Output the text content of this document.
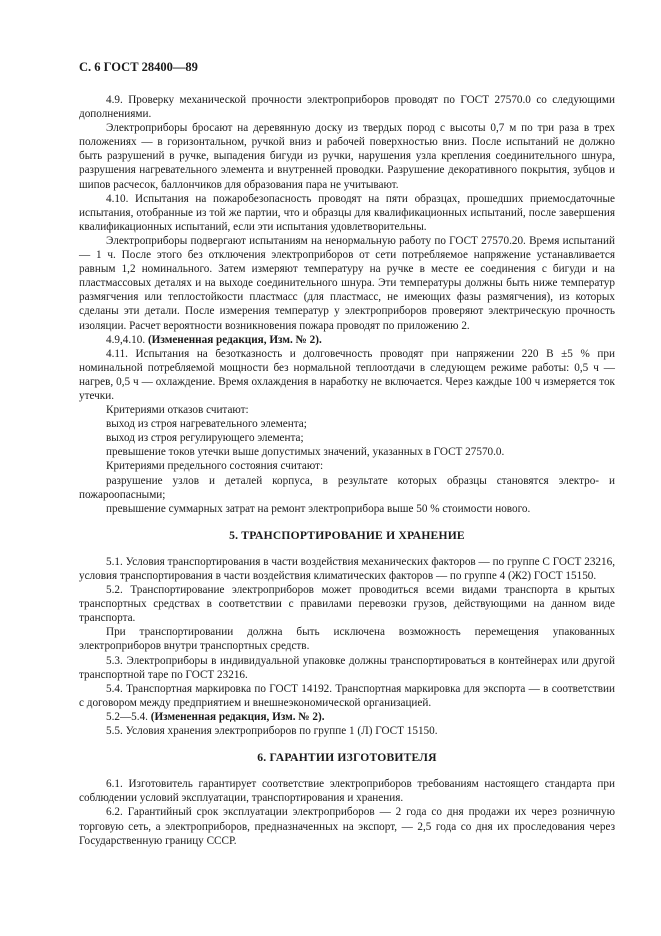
С. 6 ГОСТ 28400—89

4.9. Проверку механической прочности электроприборов проводят по ГОСТ 27570.0 со следующими дополнениями.

Электроприборы бросают на деревянную доску из твердых пород с высоты 0,7 м по три раза в трех положениях — в горизонтальном, ручкой вниз и рабочей поверхностью вниз. После испытаний не должно быть разрушений в ручке, выпадения бигуди из ручки, нарушения узла крепления соединительного шнура, разрушения нагревательного элемента и внутренней проводки. Разрушение декоративного покрытия, зубцов и шипов расчесок, баллончиков для образования пара не учитывают.

4.10. Испытания на пожаробезопасность проводят на пяти образцах, прошедших приемосдаточные испытания, отобранные из той же партии, что и образцы для квалификационных испытаний, после завершения квалификационных испытаний, если эти испытания удовлетворительны.

Электроприборы подвергают испытаниям на ненормальную работу по ГОСТ 27570.20. Время испытаний — 1 ч. После этого без отключения электроприборов от сети потребляемое напряжение устанавливается равным 1,2 номинального. Затем измеряют температуру на ручке в месте ее соединения с бигуди и на пластмассовых деталях и на выходе соединительного шнура. Эти температуры должны быть ниже температур размягчения или теплостойкости пластмасс (для пластмасс, не имеющих фазы размягчения), из которых сделаны эти детали. После измерения температур у электроприборов проверяют электрическую прочность изоляции. Расчет вероятности возникновения пожара проводят по приложению 2.

4.9,4.10. (Измененная редакция, Изм. № 2).

4.11. Испытания на безотказность и долговечность проводят при напряжении 220 В ±5 % при номинальной потребляемой мощности без нормальной теплоотдачи в следующем режиме работы: 0,5 ч — нагрев, 0,5 ч — охлаждение. Время охлаждения в наработку не включается. Через каждые 100 ч измеряется ток утечки.

Критериями отказов считают:

выход из строя нагревательного элемента;

выход из строя регулирующего элемента;

превышение токов утечки выше допустимых значений, указанных в ГОСТ 27570.0.

Критериями предельного состояния считают:

разрушение узлов и деталей корпуса, в результате которых образцы становятся электро- и пожароопасными;

превышение суммарных затрат на ремонт электроприбора выше 50 % стоимости нового.

5. ТРАНСПОРТИРОВАНИЕ И ХРАНЕНИЕ

5.1. Условия транспортирования в части воздействия механических факторов — по группе С ГОСТ 23216, условия транспортирования в части воздействия климатических факторов — по группе 4 (Ж2) ГОСТ 15150.

5.2. Транспортирование электроприборов может проводиться всеми видами транспорта в крытых транспортных средствах в соответствии с правилами перевозки грузов, действующими на данном виде транспорта.

При транспортировании должна быть исключена возможность перемещения упакованных электроприборов внутри транспортных средств.

5.3. Электроприборы в индивидуальной упаковке должны транспортироваться в контейнерах или другой транспортной таре по ГОСТ 23216.

5.4. Транспортная маркировка по ГОСТ 14192. Транспортная маркировка для экспорта — в соответствии с договором между предприятием и внешнеэкономической организацией.

5.2—5.4. (Измененная редакция, Изм. № 2).

5.5. Условия хранения электроприборов по группе 1 (Л) ГОСТ 15150.

6. ГАРАНТИИ ИЗГОТОВИТЕЛЯ

6.1. Изготовитель гарантирует соответствие электроприборов требованиям настоящего стандарта при соблюдении условий эксплуатации, транспортирования и хранения.

6.2. Гарантийный срок эксплуатации электроприборов — 2 года со дня продажи их через розничную торговую сеть, а электроприборов, предназначенных на экспорт, — 2,5 года со дня их проследования через Государственную границу СССР.
